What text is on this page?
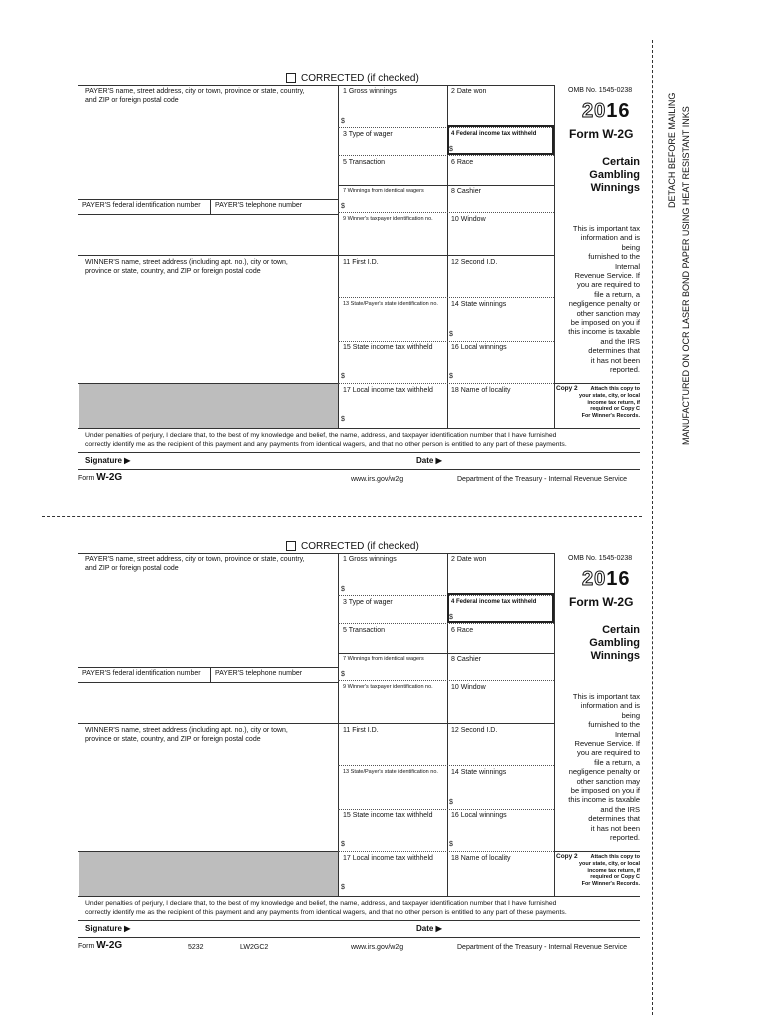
CORRECTED (if checked)
PAYER'S name, street address, city or town, province or state, country,
and ZIP or foreign postal code
PAYER'S federal identification number PAYER'S telephone number
WINNER'S name, street address (including apt. no.), city or town,
province or state, country, and ZIP or foreign postal code
1 Gross winnings
$
2 Date won
3 Type of wager	4 Federal income tax withheld
$
5 Transaction	6 Race
7 Winnings from identical wagers
$
8 Cashier
9 Winner's taxpayer identification no.	10 Window
11 First I.D.	12 Second I.D.
13 State/Payer's state identification no. 14 State winnings
$
15 State income tax withheld
$
16 Local winnings
$
17 Local income tax withheld
$
18 Name of locality
OMB No. 1545-0238
2016
Form W-2G
Certain
Gambling
Winnings
This is important tax
information and is
being
furnished to the
Internal
Revenue Service. If
you are required to
file a return, a
negligence penalty or
other sanction may
be imposed on you if
this income is taxable
and the IRS
determines that
it has not been
reported.
Copy 2 Attach this copy to
your state, city, or local
income tax return, if
required or Copy C
For Winner's Records.
Under penalties of perjury, I declare that, to the best of my knowledge and belief, the name, address, and taxpayer identification number that I have furnished
correctly identify me as the recipient of this payment and any payments from identical wagers, and that no other person is entitled to any part of these payments.
Signature ▶	Date ▶
Form W-2G	www.irs.gov/w2g	Department of the Treasury - Internal Revenue Service
CORRECTED (if checked)
PAYER'S name, street address, city or town, province or state, country,
and ZIP or foreign postal code
PAYER'S federal identification number PAYER'S telephone number
WINNER'S name, street address (including apt. no.), city or town,
province or state, country, and ZIP or foreign postal code
1 Gross winnings
$
2 Date won
3 Type of wager	4 Federal income tax withheld
$
5 Transaction	6 Race
7 Winnings from identical wagers
$
8 Cashier
9 Winner's taxpayer identification no.	10 Window
11 First I.D.	12 Second I.D.
13 State/Payer's state identification no. 14 State winnings
$
15 State income tax withheld
$
16 Local winnings
$
17 Local income tax withheld
$
18 Name of locality
OMB No. 1545-0238
2016
Form W-2G
Certain
Gambling
Winnings
This is important tax
information and is
being
furnished to the
Internal
Revenue Service. If
you are required to
file a return, a
negligence penalty or
other sanction may
be imposed on you if
this income is taxable
and the IRS
determines that
it has not been
reported.
Copy 2 Attach this copy to
your state, city, or local
income tax return, if
required or Copy C
For Winner's Records.
Under penalties of perjury, I declare that, to the best of my knowledge and belief, the name, address, and taxpayer identification number that I have furnished
correctly identify me as the recipient of this payment and any payments from identical wagers, and that no other person is entitled to any part of these payments.
Signature ▶	Date ▶
Form W-2G	5232	LW2GC2	www.irs.gov/w2g	Department of the Treasury - Internal Revenue Service
DETACH BEFORE MAILING MANUFACTURED ON OCR LASER BOND PAPER USING HEAT RESISTANT INKS
